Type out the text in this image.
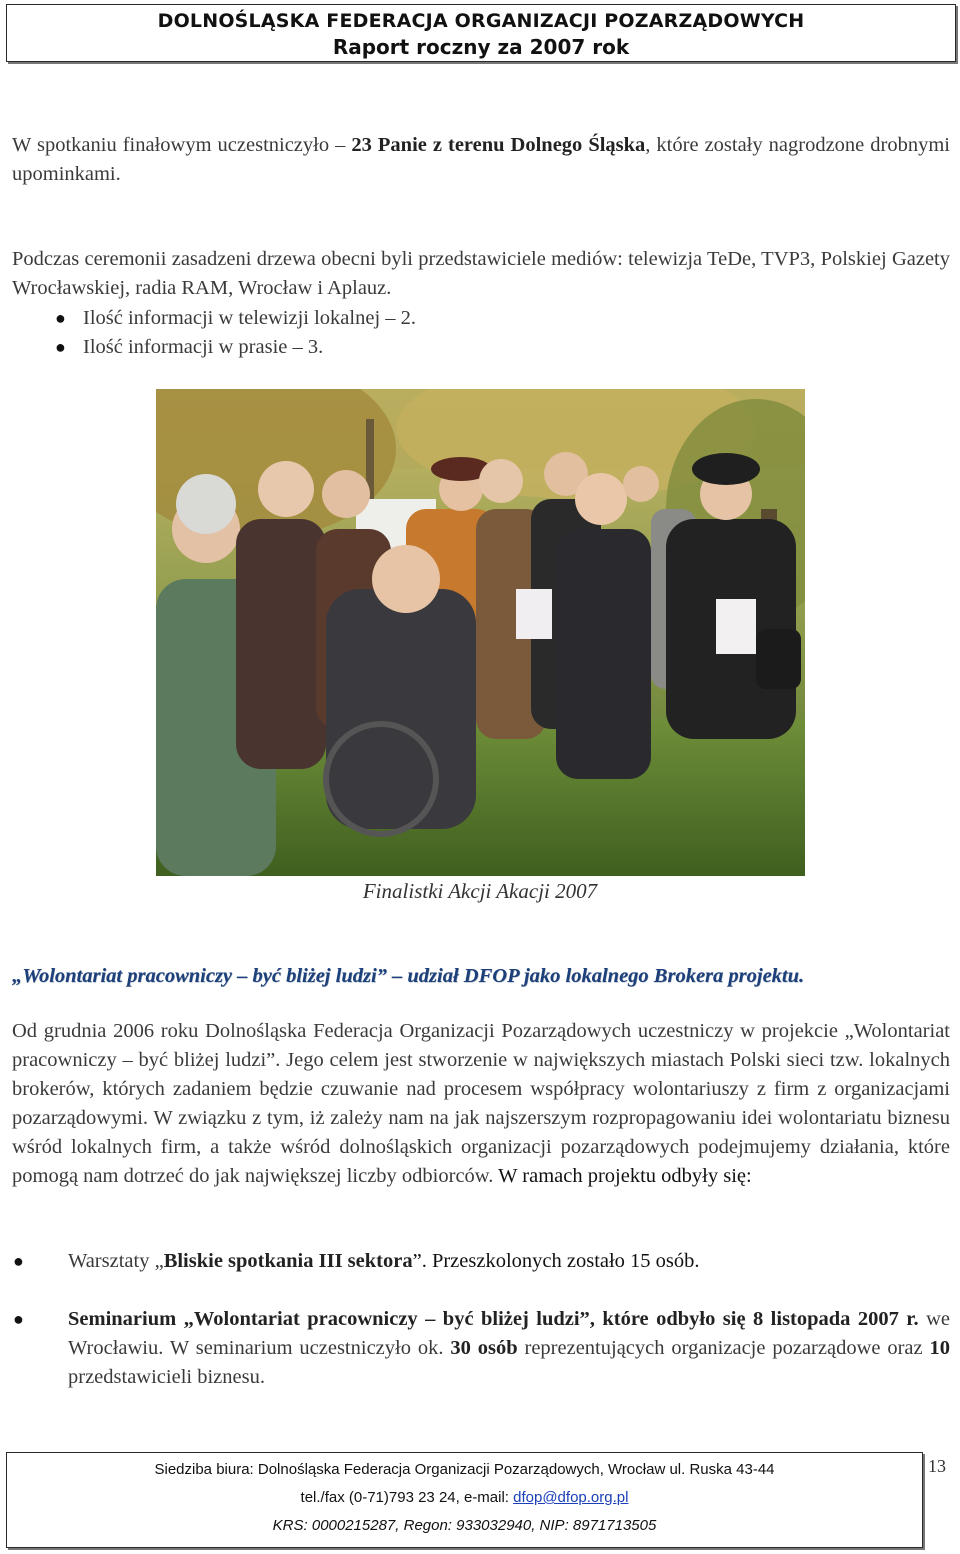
DOLNOŚLĄSKA FEDERACJA ORGANIZACJI POZARZĄDOWYCH
Raport roczny za 2007 rok
W spotkaniu finałowym uczestniczyło – 23 Panie z terenu Dolnego Śląska, które zostały nagrodzone drobnymi upominkami.
Podczas ceremonii zasadzeni drzewa obecni byli przedstawiciele mediów: telewizja TeDe, TVP3, Polskiej Gazety Wrocławskiej, radia RAM, Wrocław i Aplauz.
● Ilość informacji w telewizji lokalnej – 2.
● Ilość informacji w prasie – 3.
Finalistki Akcji Akacji 2007
„Wolontariat pracowniczy – być bliżej ludzi” – udział DFOP jako lokalnego Brokera projektu.
Od grudnia 2006 roku Dolnośląska Federacja Organizacji Pozarządowych uczestniczy w projekcie „Wolontariat pracowniczy – być bliżej ludzi”. Jego celem jest stworzenie w największych miastach Polski sieci tzw. lokalnych brokerów, których zadaniem będzie czuwanie nad procesem współpracy wolontariuszy z firm z organizacjami pozarządowymi. W związku z tym, iż zależy nam na jak najszerszym rozpropagowaniu idei wolontariatu biznesu wśród lokalnych firm, a także wśród dolnośląskich organizacji pozarządowych podejmujemy działania, które pomogą nam dotrzeć do jak największej liczby odbiorców. W ramach projektu odbyły się:
● Warsztaty „Bliskie spotkania III sektora”. Przeszkolonych zostało 15 osób.
● Seminarium „Wolontariat pracowniczy – być bliżej ludzi”, które odbyło się 8 listopada 2007 r. we Wrocławiu. W seminarium uczestniczyło ok. 30 osób reprezentujących organizacje pozarządowe oraz 10 przedstawicieli biznesu.
Siedziba biura: Dolnośląska Federacja Organizacji Pozarządowych, Wrocław ul. Ruska 43-44
tel./fax (0-71)793 23 24, e-mail: dfop@dfop.org.pl
KRS: 0000215287, Regon: 933032940, NIP: 8971713505
13
